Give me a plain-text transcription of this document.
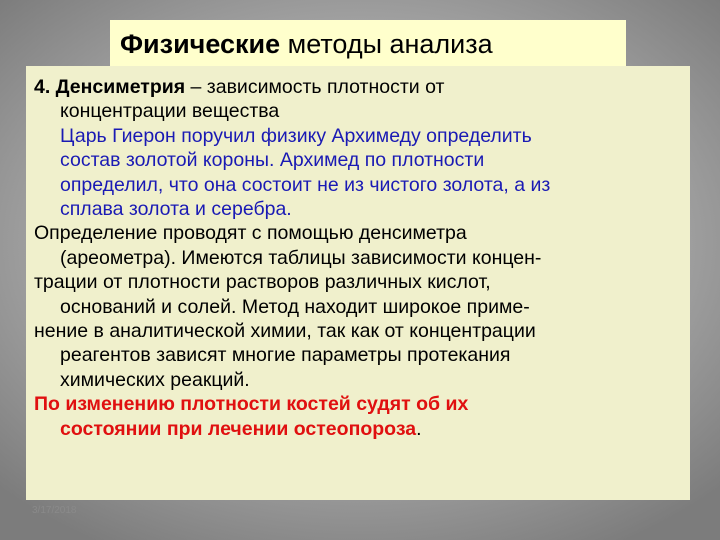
Физические методы анализа
4. Денсиметрия – зависимость плотности от
концентрации вещества
Царь Гиерон поручил физику Архимеду определить
состав золотой короны. Архимед по плотности
определил, что она состоит не из чистого золота, а из
сплава золота и серебра.
Определение проводят с помощью денсиметра
(ареометра). Имеются таблицы зависимости концен-
трации от плотности растворов различных кислот,
оснований и солей. Метод находит широкое приме-
нение в аналитической химии, так как от концентрации
реагентов зависят многие параметры протекания
химических реакций.
По изменению плотности костей судят об их
состоянии при лечении остеопороза.
3/17/2018
